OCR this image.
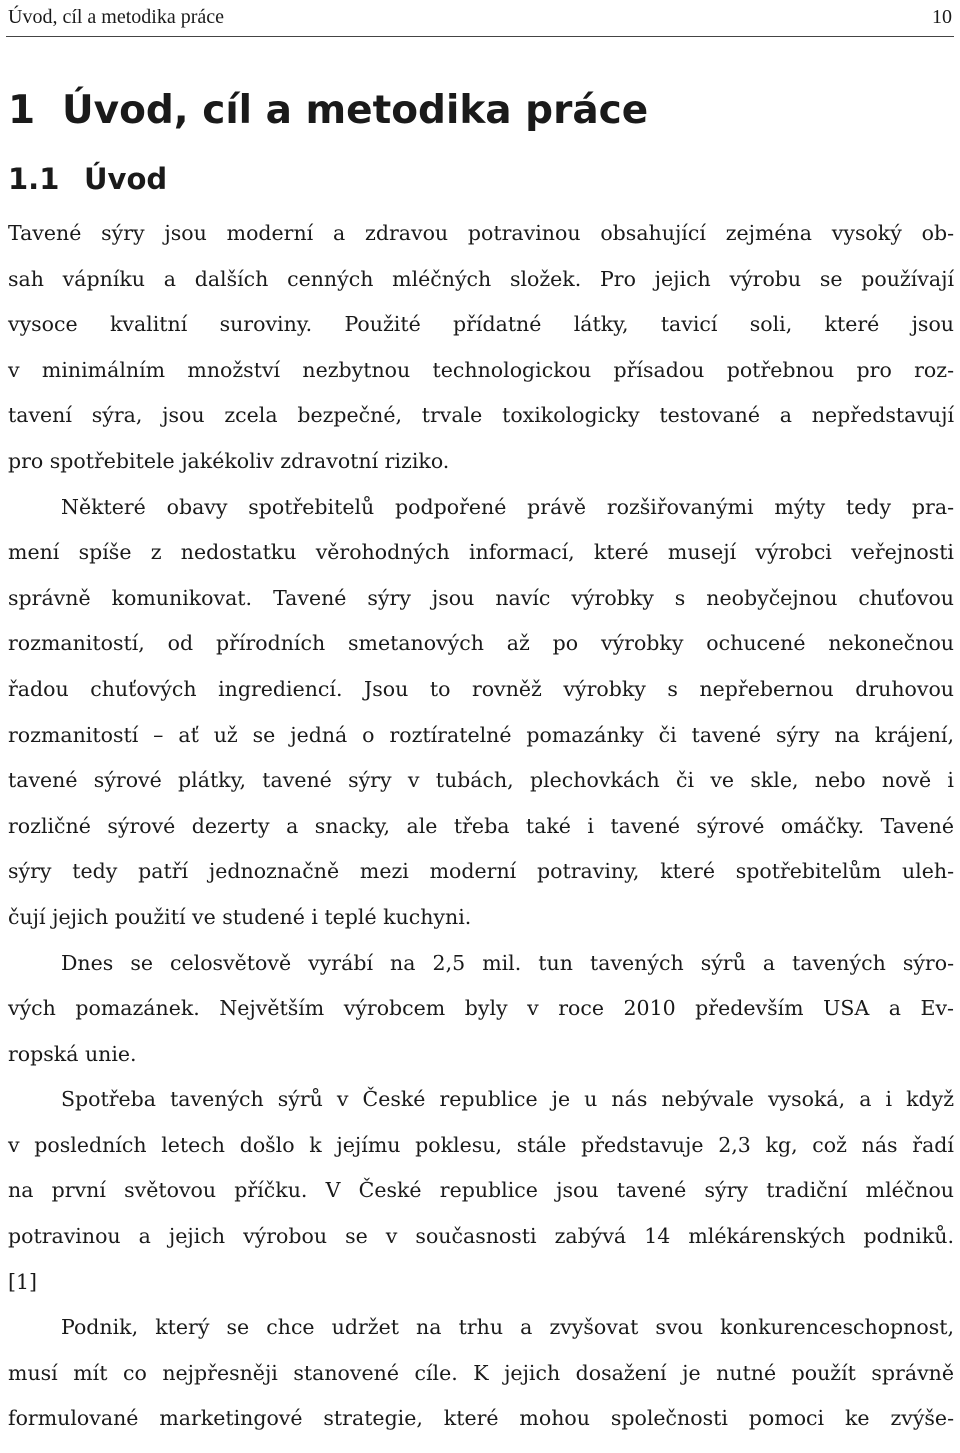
Úvod, cíl a metodika práce	10
1 Úvod, cíl a metodika práce
1.1 Úvod
Tavené sýry jsou moderní a zdravou potravinou obsahující zejména vysoký ob-
sah vápníku a dalších cenných mléčných složek. Pro jejich výrobu se používají
vysoce kvalitní suroviny. Použité přídatné látky, tavicí soli, které jsou
v minimálním množství nezbytnou technologickou přísadou potřebnou pro roz-
tavení sýra, jsou zcela bezpečné, trvale toxikologicky testované a nepředstavují
pro spotřebitele jakékoliv zdravotní riziko.
Některé obavy spotřebitelů podpořené právě rozšiřovanými mýty tedy pra-
mení spíše z nedostatku věrohodných informací, které musejí výrobci veřejnosti
správně komunikovat. Tavené sýry jsou navíc výrobky s neobyčejnou chuťovou
rozmanitostí, od přírodních smetanových až po výrobky ochucené nekonečnou
řadou chuťových ingrediencí. Jsou to rovněž výrobky s nepřebernou druhovou
rozmanitostí – ať už se jedná o roztíratelné pomazánky či tavené sýry na krájení,
tavené sýrové plátky, tavené sýry v tubách, plechovkách či ve skle, nebo nově i
rozličné sýrové dezerty a snacky, ale třeba také i tavené sýrové omáčky. Tavené
sýry tedy patří jednoznačně mezi moderní potraviny, které spotřebitelům uleh-
čují jejich použití ve studené i teplé kuchyni.
Dnes se celosvětově vyrábí na 2,5 mil. tun tavených sýrů a tavených sýro-
vých pomazánek. Největším výrobcem byly v roce 2010 především USA a Ev-
ropská unie.
Spotřeba tavených sýrů v České republice je u nás nebývale vysoká, a i když
v posledních letech došlo k jejímu poklesu, stále představuje 2,3 kg, což nás řadí
na první světovou příčku. V České republice jsou tavené sýry tradiční mléčnou
potravinou a jejich výrobou se v současnosti zabývá 14 mlékárenských podniků.
[1]
Podnik, který se chce udržet na trhu a zvyšovat svou konkurenceschopnost,
musí mít co nejpřesněji stanovené cíle. K jejich dosažení je nutné použít správně
formulované marketingové strategie, které mohou společnosti pomoci ke zvýše-
